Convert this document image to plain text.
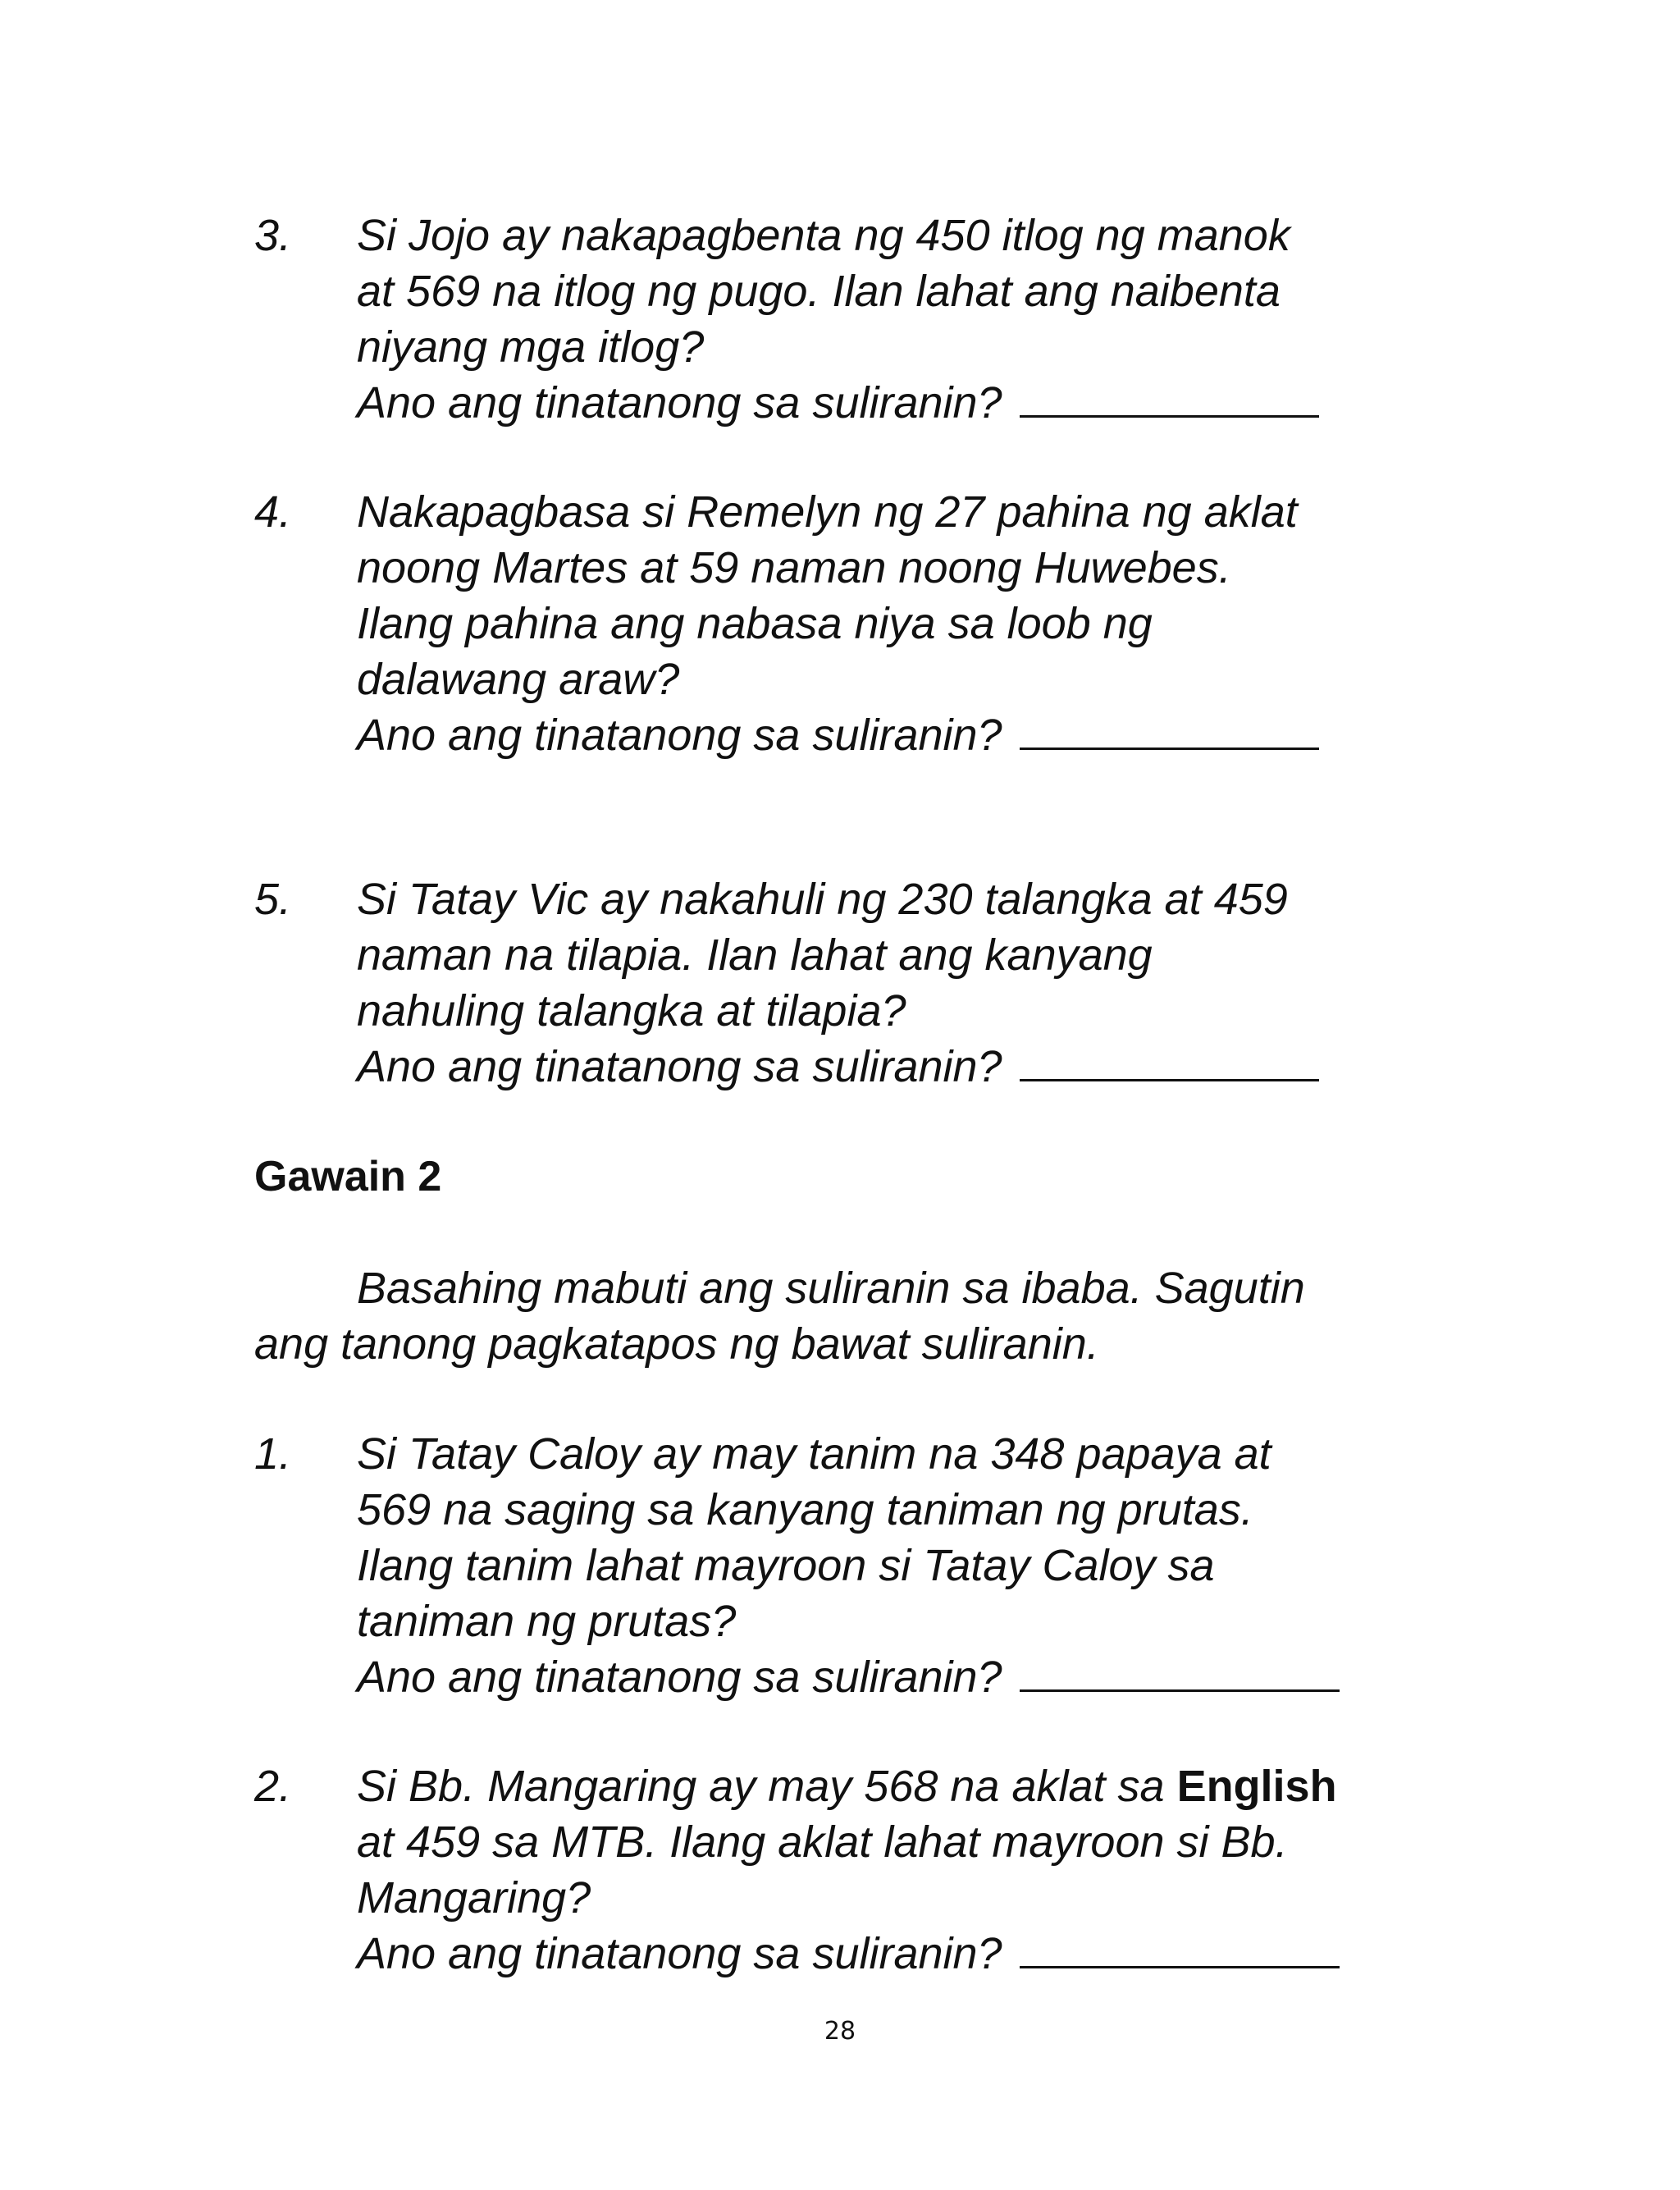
3. Si Jojo ay nakapagbenta ng 450 itlog ng manok
at 569 na itlog ng pugo. Ilan lahat ang naibenta
niyang mga itlog?
Ano ang tinatanong sa suliranin?
4. Nakapagbasa si Remelyn ng 27 pahina ng aklat
noong Martes at 59 naman noong Huwebes.
Ilang pahina ang nabasa niya sa loob ng
dalawang araw?
Ano ang tinatanong sa suliranin?
5. Si Tatay Vic ay nakahuli ng 230 talangka at 459
naman na tilapia. Ilan lahat ang kanyang
nahuling talangka at tilapia?
Ano ang tinatanong sa suliranin?
Gawain 2
Basahing mabuti ang suliranin sa ibaba. Sagutin
ang tanong pagkatapos ng bawat suliranin.
1. Si Tatay Caloy ay may tanim na 348 papaya at
569 na saging sa kanyang taniman ng prutas.
Ilang tanim lahat mayroon si Tatay Caloy sa
taniman ng prutas?
Ano ang tinatanong sa suliranin?
2. Si Bb. Mangaring ay may 568 na aklat sa English
at 459 sa MTB. Ilang aklat lahat mayroon si Bb.
Mangaring?
Ano ang tinatanong sa suliranin?
28
